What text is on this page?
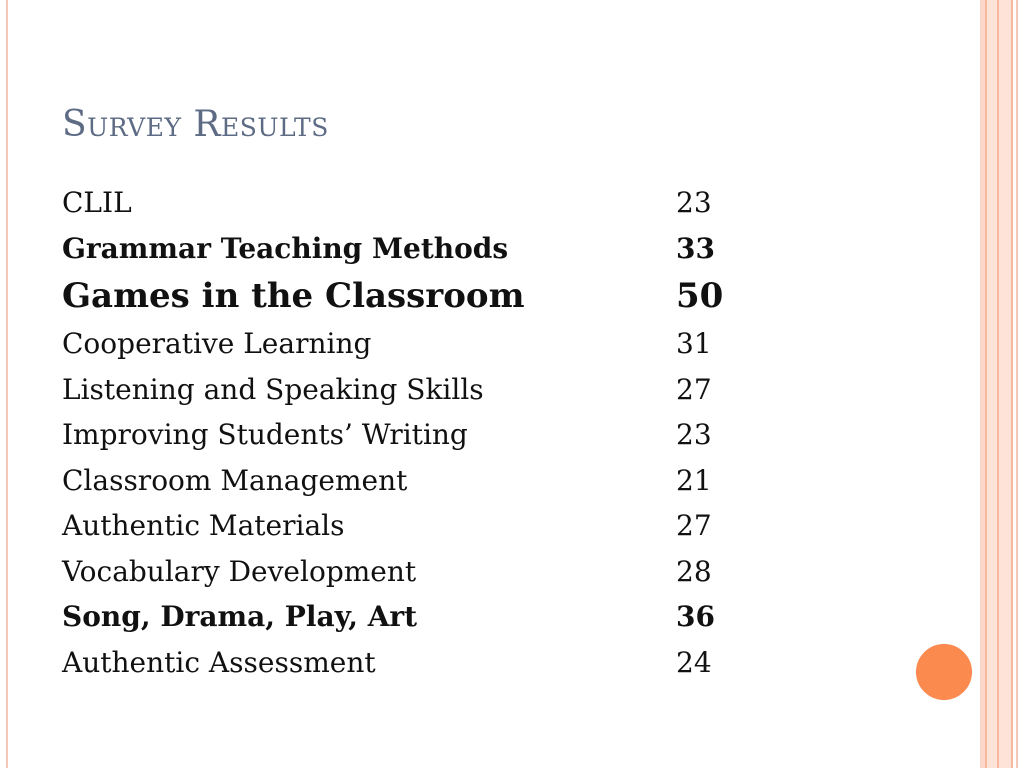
Survey Results
CLIL	23
Grammar Teaching Methods	33
Games in the Classroom	50
Cooperative Learning	31
Listening and Speaking Skills	27
Improving Students’ Writing	23
Classroom Management	21
Authentic Materials	27
Vocabulary Development	28
Song, Drama, Play, Art	36
Authentic Assessment	24
